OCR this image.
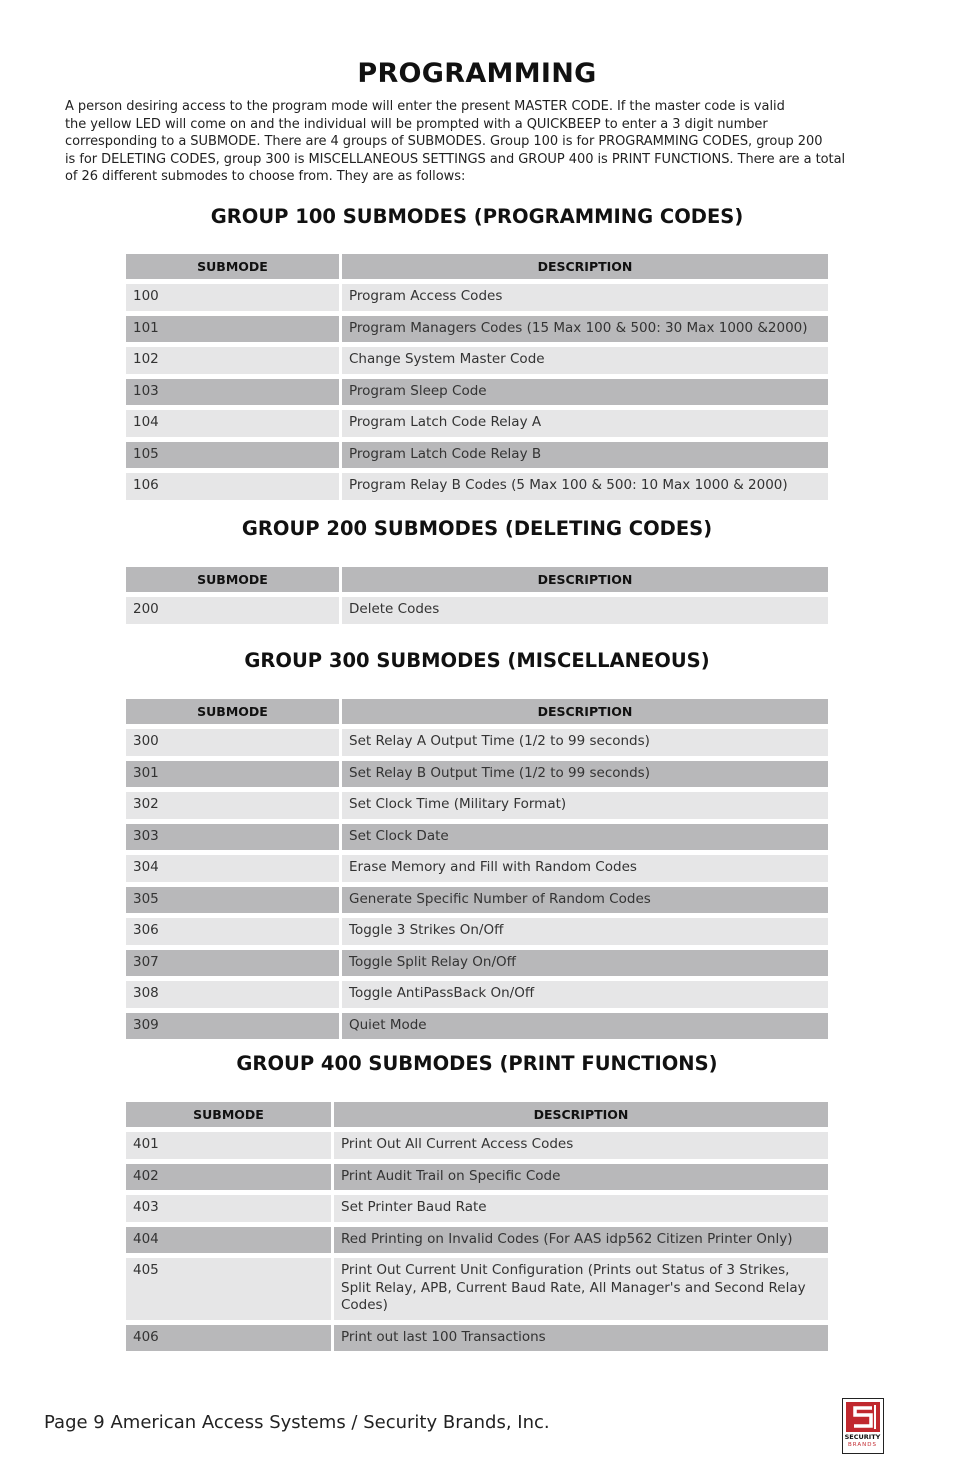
PROGRAMMING
A person desiring access to the program mode will enter the present MASTER CODE. If the master code is valid
the yellow LED will come on and the individual will be prompted with a QUICKBEEP to enter a 3 digit number
corresponding to a SUBMODE. There are 4 groups of SUBMODES. Group 100 is for PROGRAMMING CODES, group 200
is for DELETING CODES, group 300 is MISCELLANEOUS SETTINGS and GROUP 400 is PRINT FUNCTIONS. There are a total
of 26 different submodes to choose from. They are as follows:
GROUP 100 SUBMODES (PROGRAMMING CODES)
SUBMODE	DESCRIPTION
100	Program Access Codes
101	Program Managers Codes (15 Max 100 & 500: 30 Max 1000 &2000)
102	Change System Master Code
103	Program Sleep Code
104	Program Latch Code Relay A
105	Program Latch Code Relay B
106	Program Relay B Codes (5 Max 100 & 500: 10 Max 1000 & 2000)
GROUP 200 SUBMODES (DELETING CODES)
SUBMODE	DESCRIPTION
200	Delete Codes
GROUP 300 SUBMODES (MISCELLANEOUS)
SUBMODE	DESCRIPTION
300	Set Relay A Output Time (1/2 to 99 seconds)
301	Set Relay B Output Time (1/2 to 99 seconds)
302	Set Clock Time (Military Format)
303	Set Clock Date
304	Erase Memory and Fill with Random Codes
305	Generate Specific Number of Random Codes
306	Toggle 3 Strikes On/Off
307	Toggle Split Relay On/Off
308	Toggle AntiPassBack On/Off
309	Quiet Mode
GROUP 400 SUBMODES (PRINT FUNCTIONS)
SUBMODE	DESCRIPTION
401	Print Out All Current Access Codes
402	Print Audit Trail on Specific Code
403	Set Printer Baud Rate
404	Red Printing on Invalid Codes (For AAS idp562 Citizen Printer Only)
405	Print Out Current Unit Configuration (Prints out Status of 3 Strikes, Split Relay, APB, Current Baud Rate, All Manager's and Second Relay Codes)
406	Print out last 100 Transactions
Page 9 American Access Systems / Security Brands, Inc.
SECURITY
BRANDS
